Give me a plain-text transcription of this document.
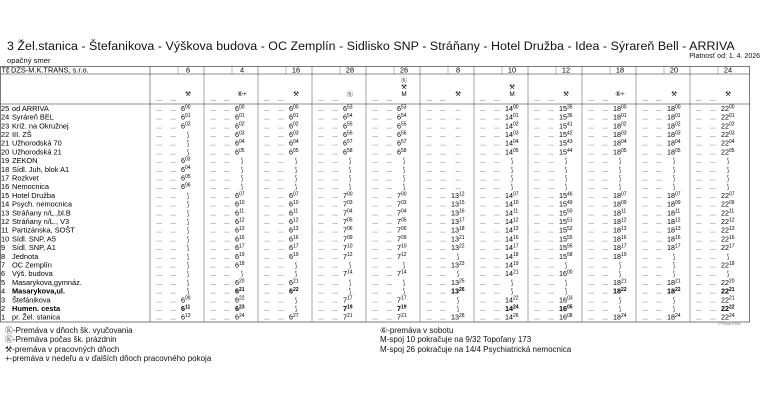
3 Žel.stanica - Štefanikova - Výškova budova - OC Zemplín - Sidlisko SNP - Stráňany - Hotel Družba - Idea - Sýrareň Bell - ARRIVA
Platnosť od: 1. 4. 2026
opačný smer
Tč DZS-M.K.TRANS, s.r.o.	6
⚒
… …
… … $6^{00}$
… … $6^{01}$
… … $6^{02}$
… … ⟆
… … ⟆
… … ⟆
… … $6^{03}$
… … $6^{04}$
… … $6^{05}$
… … $6^{06}$
… … ⟆
… … ⟆
… … ⟆
… … ⟆
… … ⟆
… … ⟆
… … ⟆
… … ⟆
… … ⟆
… … ⟆
… … ⟆
… … ⟆
… … $6^{09}$
… … $6^{11}$
… … $6^{13}$
4
⑥+
… …
… … $6^{00}$
… … $6^{01}$
… … $6^{02}$
… … $6^{03}$
… … $6^{04}$
… … $6^{05}$
… … ⟆
… … ⟆
… … ⟆
… … ⟆
… … $6^{07}$
… … $6^{10}$
… … $6^{11}$
… … $6^{12}$
… … $6^{13}$
… … $6^{16}$
… … $6^{17}$
… … $6^{19}$
… … $6^{18}$
… … ⟆
… … $6^{20}$
… … $6^{21}$
… … $6^{22}$
… … $6^{23}$
… … $6^{24}$
16
⚒
… …
… … $6^{00}$
… … $6^{01}$
… … $6^{02}$
… … $6^{03}$
… … $6^{04}$
… … $6^{05}$
… … ⟆
… … ⟆
… … ⟆
… … ⟆
… … $6^{07}$
… … $6^{10}$
… … $6^{11}$
… … $6^{12}$
… … $6^{13}$
… … $6^{16}$
… … $6^{17}$
… … $6^{19}$
… … ⟆
… … ⟆
… … $6^{21}$
… … $6^{22}$
… … ⟆
… … ⟆
… … $6^{27}$
28
Ⓚ
… …
… … $6^{53}$
… … $6^{54}$
… … $6^{55}$
… … $6^{56}$
… … $6^{57}$
… … $6^{58}$
… … ⟆
… … ⟆
… … ⟆
… … ⟆
… … $7^{00}$
… … $7^{03}$
… … $7^{04}$
… … $7^{05}$
… … $7^{06}$
… … $7^{09}$
… … $7^{10}$
… … $7^{12}$
… … ⟆
… … $7^{14}$
… … ⟆
… … ⟆
… … $7^{17}$
… … $7^{19}$
… … $7^{21}$
26
Ⓚ
⚒
M
… …
… … $6^{53}$
… … $6^{54}$
… … $6^{55}$
… … $6^{56}$
… … $6^{57}$
… … $6^{58}$
… … ⟆
… … ⟆
… … ⟆
… … ⟆
… … $7^{00}$
… … $7^{03}$
… … $7^{04}$
… … $7^{05}$
… … $7^{06}$
… … $7^{09}$
… … $7^{10}$
… … $7^{12}$
… … ⟆
… … $7^{14}$
… … ⟆
… … ⟆
… … $7^{17}$
… … $7^{19}$
… … $7^{21}$
8
⚒
… …
… … …
… … …
… … …
… … …
… … …
… … …
… … …
… … …
… … …
… … …
… … $13^{12}$
… … $13^{15}$
… … $13^{16}$
… … $13^{17}$
… … $13^{18}$
… … $13^{21}$
… … $13^{22}$
… … ⟆
… … $13^{23}$
… … ⟆
… … $13^{25}$
… … $13^{26}$
… … ⟆
… … ⟆
… … $13^{28}$
10
⚒
M
… …
… … $14^{00}$
… … $14^{01}$
… … $14^{02}$
… … $14^{03}$
… … $14^{04}$
… … $14^{05}$
… … ⟆
… … ⟆
… … ⟆
… … ⟆
… … $14^{07}$
… … $14^{10}$
… … $14^{11}$
… … $14^{12}$
… … $14^{13}$
… … $14^{16}$
… … $14^{17}$
… … $14^{18}$
… … $14^{19}$
… … $14^{21}$
… … ⟆
… … ⟆
… … $14^{22}$
… … $14^{24}$
… … $14^{26}$
12
⚒
… …
… … $15^{35}$
… … $15^{36}$
… … $15^{41}$
… … $15^{42}$
… … $15^{43}$
… … $15^{44}$
… … ⟆
… … ⟆
… … ⟆
… … ⟆
… … $15^{46}$
… … $15^{49}$
… … $15^{50}$
… … $15^{51}$
… … $15^{52}$
… … $15^{55}$
… … $15^{56}$
… … $15^{58}$
… … ⟆
… … $16^{00}$
… … ⟆
… … ⟆
… … $16^{03}$
… … $16^{05}$
… … $16^{08}$
18
⑥+
… …
… … $18^{00}$
… … $18^{01}$
… … $18^{02}$
… … $18^{03}$
… … $18^{04}$
… … $18^{05}$
… … ⟆
… … ⟆
… … ⟆
… … ⟆
… … $18^{07}$
… … $18^{09}$
… … $18^{11}$
… … $18^{12}$
… … $18^{13}$
… … $18^{16}$
… … $18^{17}$
… … $18^{19}$
… … ⟆
… … ⟆
… … $18^{21}$
… … $18^{22}$
… … ⟆
… … ⟆
… … $18^{24}$
20
⚒
… …
… … $18^{00}$
… … $18^{01}$
… … $18^{02}$
… … $18^{03}$
… … $18^{04}$
… … $18^{05}$
… … ⟆
… … ⟆
… … ⟆
… … ⟆
… … $18^{07}$
… … $18^{09}$
… … $18^{11}$
… … $18^{12}$
… … $18^{13}$
… … $18^{16}$
… … $18^{17}$
… … ⟆
… … ⟆
… … ⟆
… … $18^{21}$
… … $18^{22}$
… … ⟆
… … ⟆
… … $18^{24}$
24
⚒
… …
… … $22^{00}$
… … $22^{01}$
… … $22^{02}$
… … $22^{03}$
… … $22^{04}$
… … $22^{05}$
… … ⟆
… … ⟆
… … ⟆
… … ⟆
… … $22^{07}$
… … $22^{09}$
… … $22^{11}$
… … $22^{12}$
… … $22^{13}$
… … $22^{16}$
… … $22^{17}$
… … ⟆
… … $22^{18}$
… … ⟆
… … $22^{20}$
… … $22^{21}$
… … $22^{21}$
… … $22^{22}$
… … $22^{24}$
25 od ARRIVA
24 Syráreň BEL
23 Križ. na Okružnej
22 III. ZŠ
21 Užhorodská 70
20 Užhorodská 21
19 ZEKON
18 Sídl. Juh, blok A1
17 Rozkvet
16 Nemocnica
15 Hotel Družba
14 Psych. nemocnica
13 Stráňany n/L.,bl.B
12 Stráňany n/L., V3
11 Partizánska, SOŠT
10 Sídl. SNP, A5
9 Sídl. SNP, A1
8 Jednota
7 OC Zemplín
6 Výš. budova
5 Masarykova,gymnáz.
4 Masarykova,ul.
3 Štefánikova
2 Humen. cesta
1 pr. Žel. stanica
Ⓚ-Premáva v dňoch šk. vyučovania
Ⓚ-Premáva počas šk. prázdnin
⚒-premáva v pracovných dňoch
+-premáva v nedeľu a v ďalších dňoch pracovného pokoja
⑥-premáva v sobotu
M-spoj 10 pokračuje na 9/32 Topoľany 173
M-spoj 26 pokračuje na 14/4 Psychiatrická nemocnica
© Prime.b.Sim
